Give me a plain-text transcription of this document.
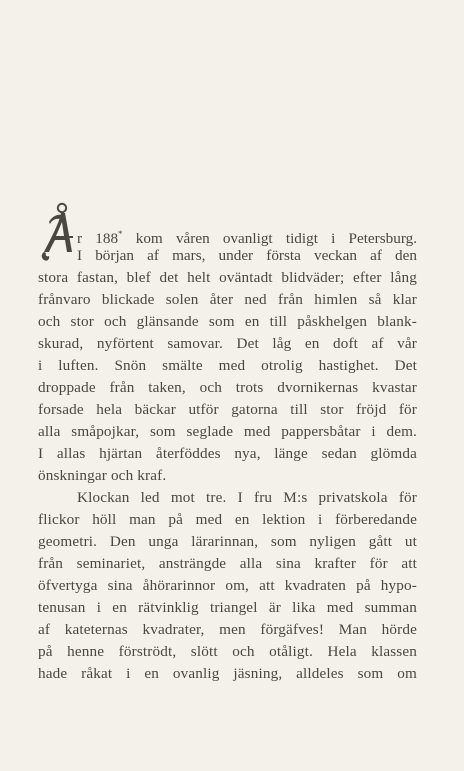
r 188* kom våren ovanligt tidigt i Petersburg.
I början af mars, under första veckan af den
stora fastan, blef det helt oväntadt blidväder; efter lång
frånvaro blickade solen åter ned från himlen så klar
och stor och glänsande som en till påskhelgen blank-
skurad, nyförtent samovar. Det låg en doft af vår
i luften. Snön smälte med otrolig hastighet. Det
droppade från taken, och trots dvornikernas kvastar
forsade hela bäckar utför gatorna till stor fröjd för
alla småpojkar, som seglade med pappersbåtar i dem.
I allas hjärtan återföddes nya, länge sedan glömda
önskningar och kraf.
Klockan led mot tre. I fru M:s privatskola för
flickor höll man på med en lektion i förberedande
geometri. Den unga lärarinnan, som nyligen gått ut
från seminariet, ansträngde alla sina krafter för att
öfvertyga sina åhörarinnor om, att kvadraten på hypo-
tenusan i en rätvinklig triangel är lika med summan
af kateternas kvadrater, men förgäfves! Man hörde
på henne förströdt, slött och otåligt. Hela klassen
hade råkat i en ovanlig jäsning, alldeles som om
